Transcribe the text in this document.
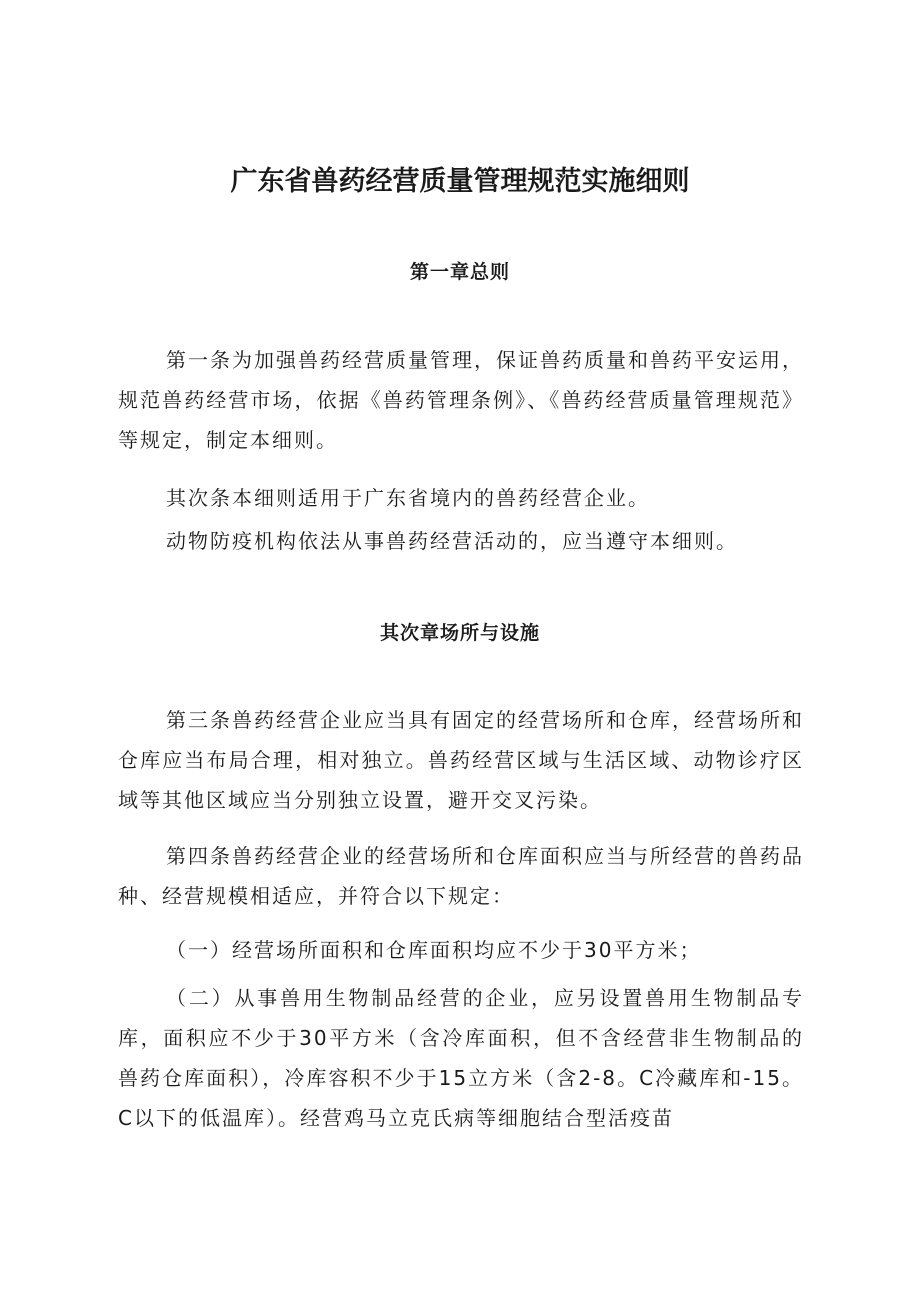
广东省兽药经营质量管理规范实施细则
第一章总则

第一条为加强兽药经营质量管理，保证兽药质量和兽药平安运用，规范兽药经营市场，依据《兽药管理条例》、《兽药经营质量管理规范》等规定，制定本细则。

其次条本细则适用于广东省境内的兽药经营企业。

动物防疫机构依法从事兽药经营活动的，应当遵守本细则。

其次章场所与设施

第三条兽药经营企业应当具有固定的经营场所和仓库，经营场所和仓库应当布局合理，相对独立。兽药经营区域与生活区域、动物诊疗区域等其他区域应当分别独立设置，避开交叉污染。

第四条兽药经营企业的经营场所和仓库面积应当与所经营的兽药品种、经营规模相适应，并符合以下规定：

（一）经营场所面积和仓库面积均应不少于30平方米；

（二）从事兽用生物制品经营的企业，应另设置兽用生物制品专库，面积应不少于30平方米（含冷库面积，但不含经营非生物制品的兽药仓库面积），冷库容积不少于15立方米（含2-8。C冷藏库和-15。C以下的低温库）。经营鸡马立克氏病等细胞结合型活疫苗
